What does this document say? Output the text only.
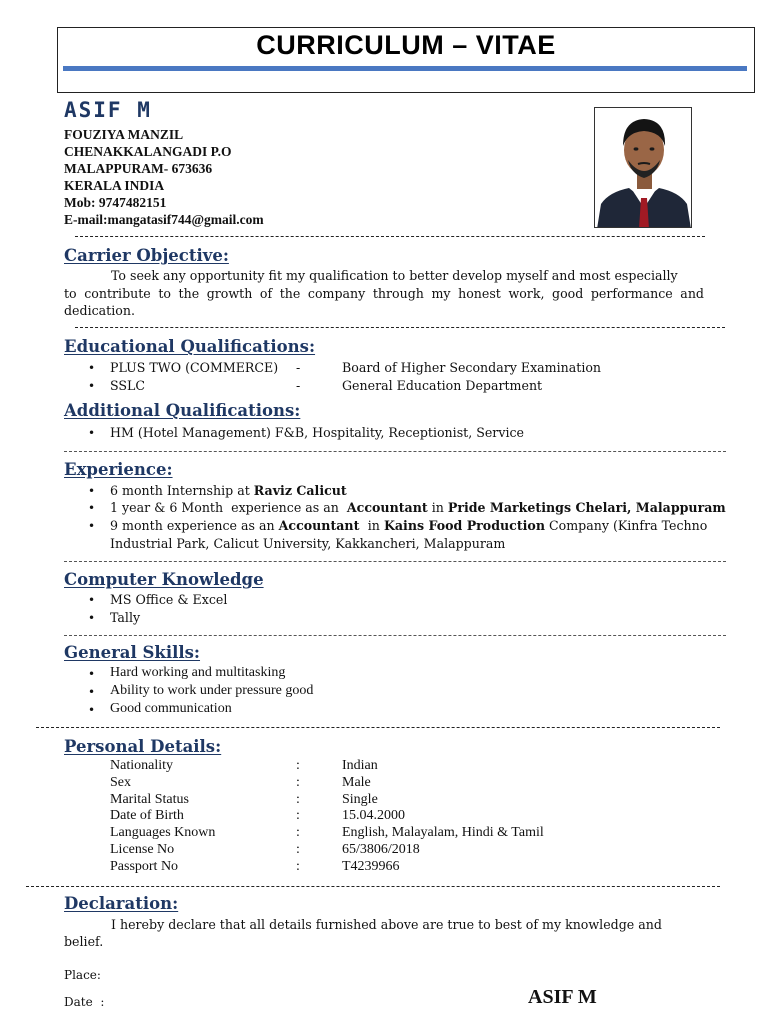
CURRICULUM – VITAE
ASIF M
FOUZIYA MANZIL
CHENAKKALANGADI P.O
MALAPPURAM- 673636
KERALA INDIA
Mob: 9747482151
E-mail:mangatasif744@gmail.com
Carrier Objective:
To seek any opportunity fit my qualification to better develop myself and most especially
to contribute to the growth of the company through my honest work, good performance and
dedication.
Educational Qualifications:
• PLUS TWO (COMMERCE) -	Board of Higher Secondary Examination
• SSLC	-	General Education Department
Additional Qualifications:
• HM (Hotel Management) F&B, Hospitality, Receptionist, Service
Experience:
• 6 month Internship at Raviz Calicut
• 1 year & 6 Month  experience as an  Accountant in Pride Marketings Chelari, Malappuram
• 9 month experience as an Accountant  in Kains Food Production Company (Kinfra Techno
Industrial Park, Calicut University, Kakkancheri, Malappuram
Computer Knowledge
• MS Office & Excel
• Tally
General Skills:
• Hard working and multitasking
• Ability to work under pressure good
• Good communication
Personal Details:
Nationality	:	Indian
Sex	:	Male
Marital Status	:	Single
Date of Birth	:	15.04.2000
Languages Known	:	English, Malayalam, Hindi & Tamil
License No	:	65/3806/2018
Passport No	:	T4239966
Declaration:
I hereby declare that all details furnished above are true to best of my knowledge and
belief.
Place:
Date  :	ASIF M
